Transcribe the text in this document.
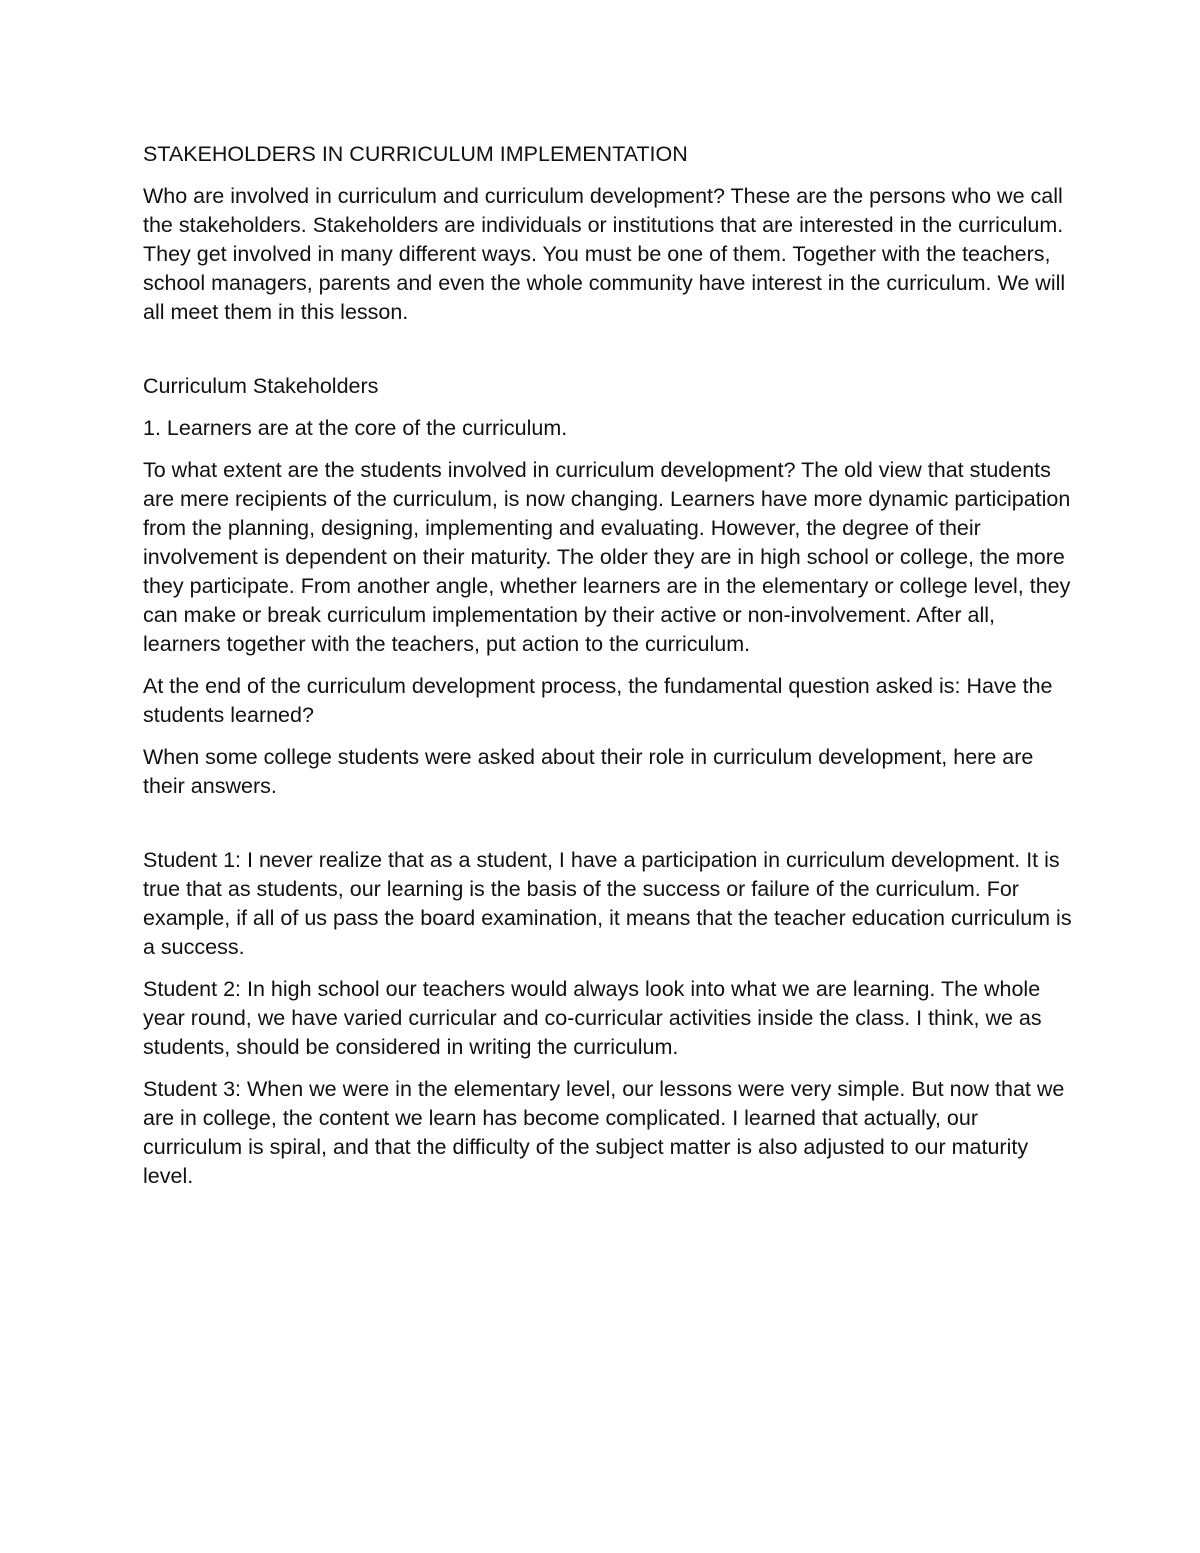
STAKEHOLDERS IN CURRICULUM IMPLEMENTATION

Who are involved in curriculum and curriculum development? These are the persons who we call the stakeholders. Stakeholders are individuals or institutions that are interested in the curriculum. They get involved in many different ways. You must be one of them. Together with the teachers, school managers, parents and even the whole community have interest in the curriculum. We will all meet them in this lesson.

Curriculum Stakeholders

1. Learners are at the core of the curriculum.

To what extent are the students involved in curriculum development? The old view that students are mere recipients of the curriculum, is now changing. Learners have more dynamic participation from the planning, designing, implementing and evaluating. However, the degree of their involvement is dependent on their maturity. The older they are in high school or college, the more they participate. From another angle, whether learners are in the elementary or college level, they can make or break curriculum implementation by their active or non-involvement. After all, learners together with the teachers, put action to the curriculum.

At the end of the curriculum development process, the fundamental question asked is: Have the students learned?

When some college students were asked about their role in curriculum development, here are their answers.

Student 1: I never realize that as a student, I have a participation in curriculum development. It is true that as students, our learning is the basis of the success or failure of the curriculum. For example, if all of us pass the board examination, it means that the teacher education curriculum is a success.

Student 2: In high school our teachers would always look into what we are learning. The whole year round, we have varied curricular and co-curricular activities inside the class. I think, we as students, should be considered in writing the curriculum.

Student 3: When we were in the elementary level, our lessons were very simple. But now that we are in college, the content we learn has become complicated. I learned that actually, our curriculum is spiral, and that the difficulty of the subject matter is also adjusted to our maturity level.
